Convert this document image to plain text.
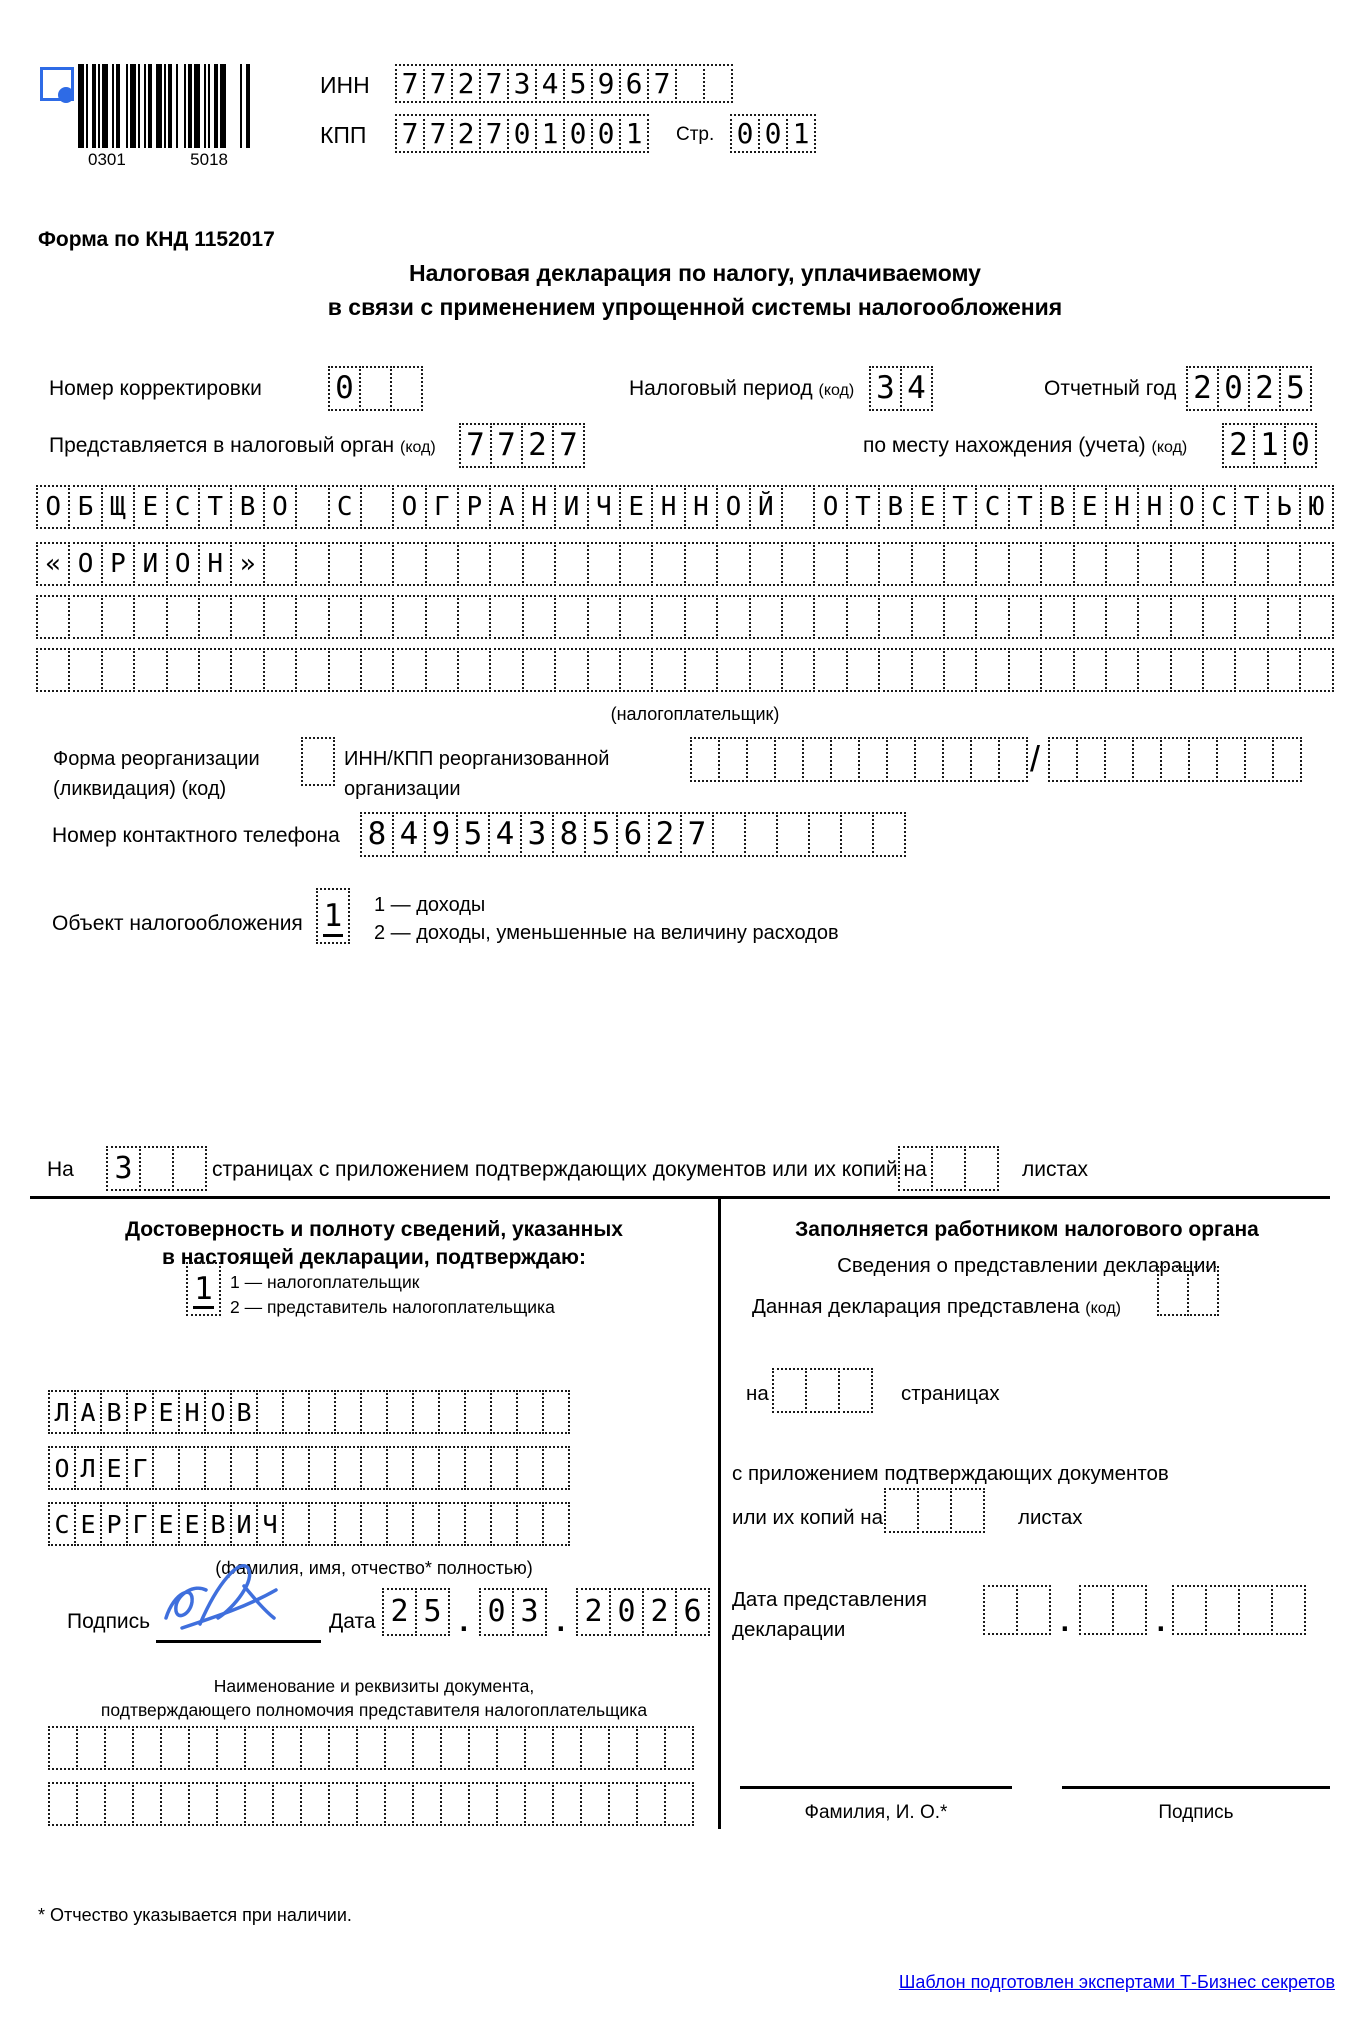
0301	5018
ИНН 7 7 2 7 3 4 5 9 6 7
КПП 7 7 2 7 0 1 0 0 1	Стр. 0 0 1
Форма по КНД 1152017
Налоговая декларация по налогу, уплачиваемому
в связи с применением упрощенной системы налогообложения
Номер корректировки 0	Налоговый период (код) 3 4	Отчетный год 2 0 2 5
Представляется в налоговый орган (код) 7 7 2 7	по месту нахождения (учета) (код) 2 1 0
О Б Щ Е С Т В О	С	О Г Р А Н И Ч Е Н Н О Й	О Т В Е Т С Т В Е Н Н О С Т Ь Ю
« О Р И О Н »
(налогоплательщик)
Форма реорганизации
(ликвидация) (код)
ИНН/КПП реорганизованной
организации
/
Номер контактного телефона 8 4 9 5 4 3 8 5 6 2 7
Объект налогообложения 1	1 — доходы
2 — доходы, уменьшенные на величину расходов
На 3	страницах с приложением подтверждающих документов или их копий на	листах
Достоверность и полноту сведений, указанных
в настоящей декларации, подтверждаю:
1 1 — налогоплательщик
2 — представитель налогоплательщика
Л А В Р Е Н О В
О Л Е Г
С Е Р Г Е Е В И Ч
(фамилия, имя, отчество* полностью)
Подпись	Дата 2 5 . 0 3 . 2 0 2 6
Наименование и реквизиты документа,
подтверждающего полномочия представителя налогоплательщика
Заполняется работником налогового органа
Сведения о представлении декларации
Данная декларация представлена (код)
на	страницах
с приложением подтверждающих документов
или их копий на	листах
Дата представления
декларации	.	.
Фамилия, И. О.*	Подпись
* Отчество указывается при наличии.
Шаблон подготовлен экспертами Т-Бизнес секретов
